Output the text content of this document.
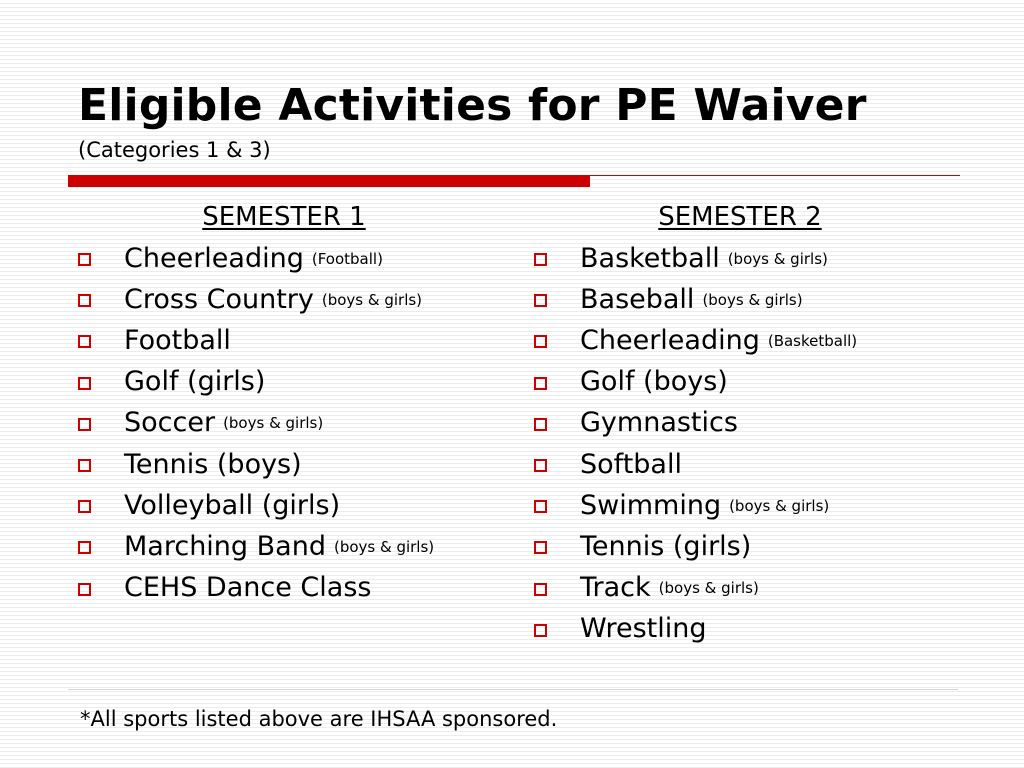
Eligible Activities for PE Waiver
(Categories 1 & 3)
SEMESTER 1
Cheerleading (Football)
Cross Country (boys & girls)
Football
Golf (girls)
Soccer (boys & girls)
Tennis (boys)
Volleyball (girls)
Marching Band (boys & girls)
CEHS Dance Class
SEMESTER 2
Basketball (boys & girls)
Baseball (boys & girls)
Cheerleading (Basketball)
Golf (boys)
Gymnastics
Softball
Swimming (boys & girls)
Tennis (girls)
Track (boys & girls)
Wrestling
*All sports listed above are IHSAA sponsored.
